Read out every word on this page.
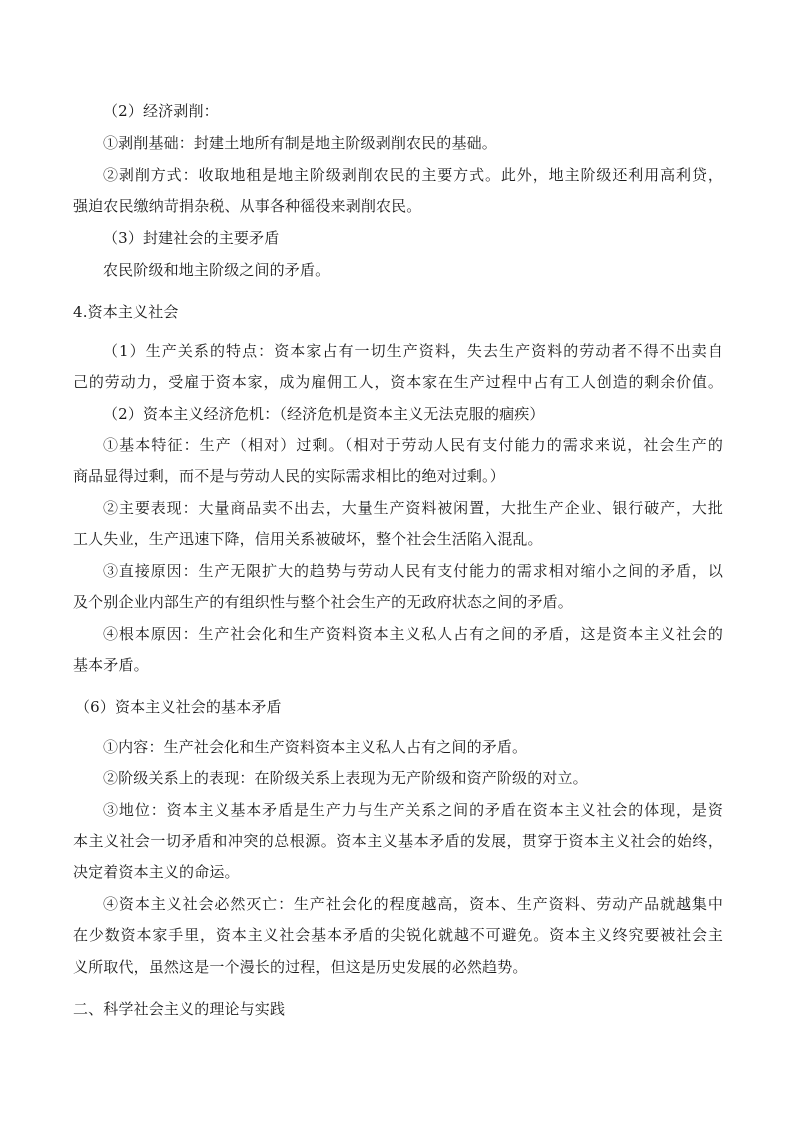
（2）经济剥削：
①剥削基础：封建土地所有制是地主阶级剥削农民的基础。
②剥削方式：收取地租是地主阶级剥削农民的主要方式。此外，地主阶级还利用高利贷，
强迫农民缴纳苛捐杂税、从事各种徭役来剥削农民。
（3）封建社会的主要矛盾
农民阶级和地主阶级之间的矛盾。
4.资本主义社会
（1）生产关系的特点：资本家占有一切生产资料，失去生产资料的劳动者不得不出卖自
己的劳动力，受雇于资本家，成为雇佣工人，资本家在生产过程中占有工人创造的剩余价值。
（2）资本主义经济危机：（经济危机是资本主义无法克服的痼疾）
①基本特征：生产（相对）过剩。（相对于劳动人民有支付能力的需求来说，社会生产的
商品显得过剩，而不是与劳动人民的实际需求相比的绝对过剩。）
②主要表现：大量商品卖不出去，大量生产资料被闲置，大批生产企业、银行破产，大批
工人失业，生产迅速下降，信用关系被破坏，整个社会生活陷入混乱。
③直接原因：生产无限扩大的趋势与劳动人民有支付能力的需求相对缩小之间的矛盾，以
及个别企业内部生产的有组织性与整个社会生产的无政府状态之间的矛盾。
④根本原因：生产社会化和生产资料资本主义私人占有之间的矛盾，这是资本主义社会的
基本矛盾。
（6）资本主义社会的基本矛盾
①内容：生产社会化和生产资料资本主义私人占有之间的矛盾。
②阶级关系上的表现：在阶级关系上表现为无产阶级和资产阶级的对立。
③地位：资本主义基本矛盾是生产力与生产关系之间的矛盾在资本主义社会的体现，是资
本主义社会一切矛盾和冲突的总根源。资本主义基本矛盾的发展，贯穿于资本主义社会的始终，
决定着资本主义的命运。
④资本主义社会必然灭亡：生产社会化的程度越高，资本、生产资料、劳动产品就越集中
在少数资本家手里，资本主义社会基本矛盾的尖锐化就越不可避免。资本主义终究要被社会主
义所取代，虽然这是一个漫长的过程，但这是历史发展的必然趋势。
二、科学社会主义的理论与实践
